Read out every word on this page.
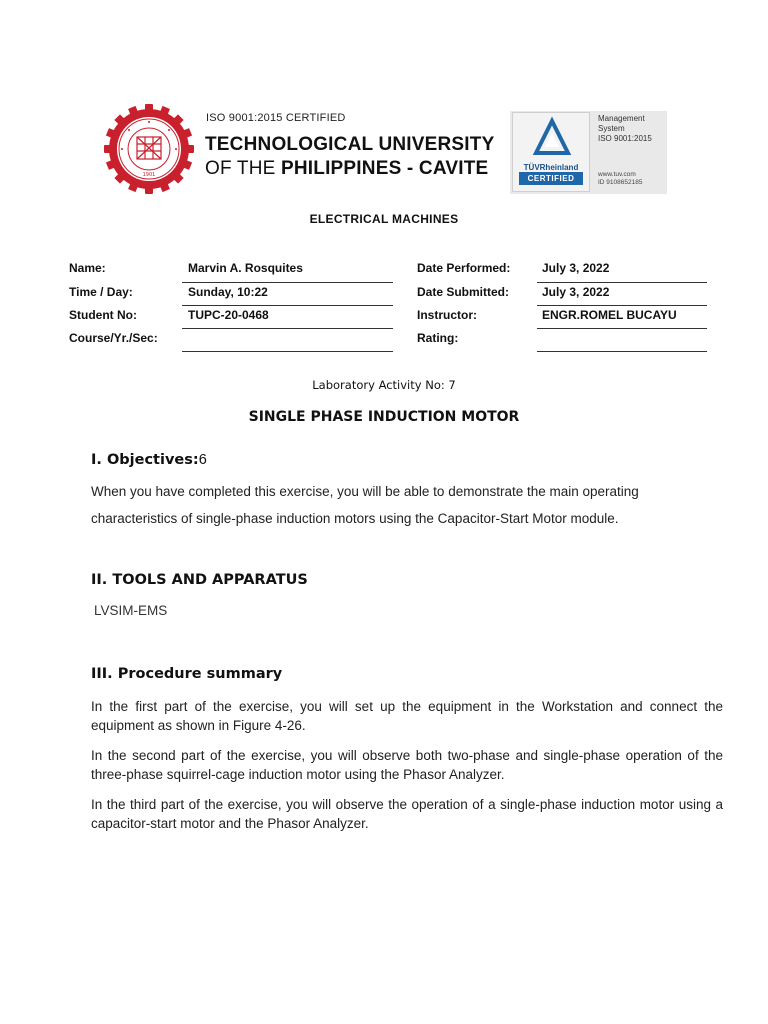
1901
ISO 9001:2015 CERTIFIED
TECHNOLOGICAL UNIVERSITY
OF THE PHILIPPINES - CAVITE	TÜVRheinland
CERTIFIED
Management
System
ISO 9001:2015
www.tuv.com
ID 9108652185
ELECTRICAL MACHINES
Name:	Marvin A. Rosquites
Time / Day:	Sunday, 10:22
Student No:	TUPC-20-0468
Course/Yr./Sec:
Date Performed:	July 3, 2022
Date Submitted:	July 3, 2022
Instructor:	ENGR.ROMEL BUCAYU
Rating:
Laboratory Activity No: 7
SINGLE PHASE INDUCTION MOTOR
I. Objectives:6
When you have completed this exercise, you will be able to demonstrate the main operating
characteristics of single-phase induction motors using the Capacitor-Start Motor module.
II. TOOLS AND APPARATUS
LVSIM-EMS
III. Procedure summary
In the first part of the exercise, you will set up the equipment in the Workstation and connect the      equipment as shown in Figure 4-26.
In the second part of the exercise, you will observe both two-phase and single-phase operation of the three-phase squirrel-cage induction motor using the Phasor Analyzer.
In the third part of the exercise, you will observe the operation of a single-phase induction motor using a capacitor-start motor and the Phasor Analyzer.
